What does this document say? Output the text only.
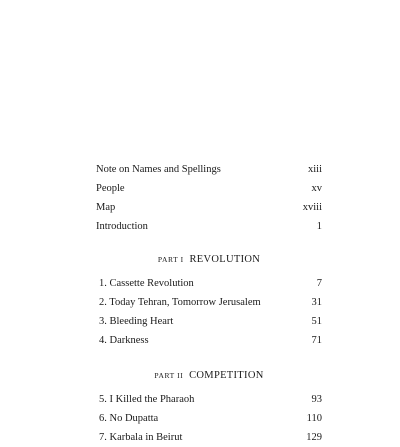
Note on Names and Spellings	xiii
People	xv
Map	xviii
Introduction	1
PART I REVOLUTION
1. Cassette Revolution	7
2. Today Tehran, Tomorrow Jerusalem	31
3. Bleeding Heart	51
4. Darkness	71
PART II COMPETITION
5. I Killed the Pharaoh	93
6. No Dupatta	110
7. Karbala in Beirut	129
